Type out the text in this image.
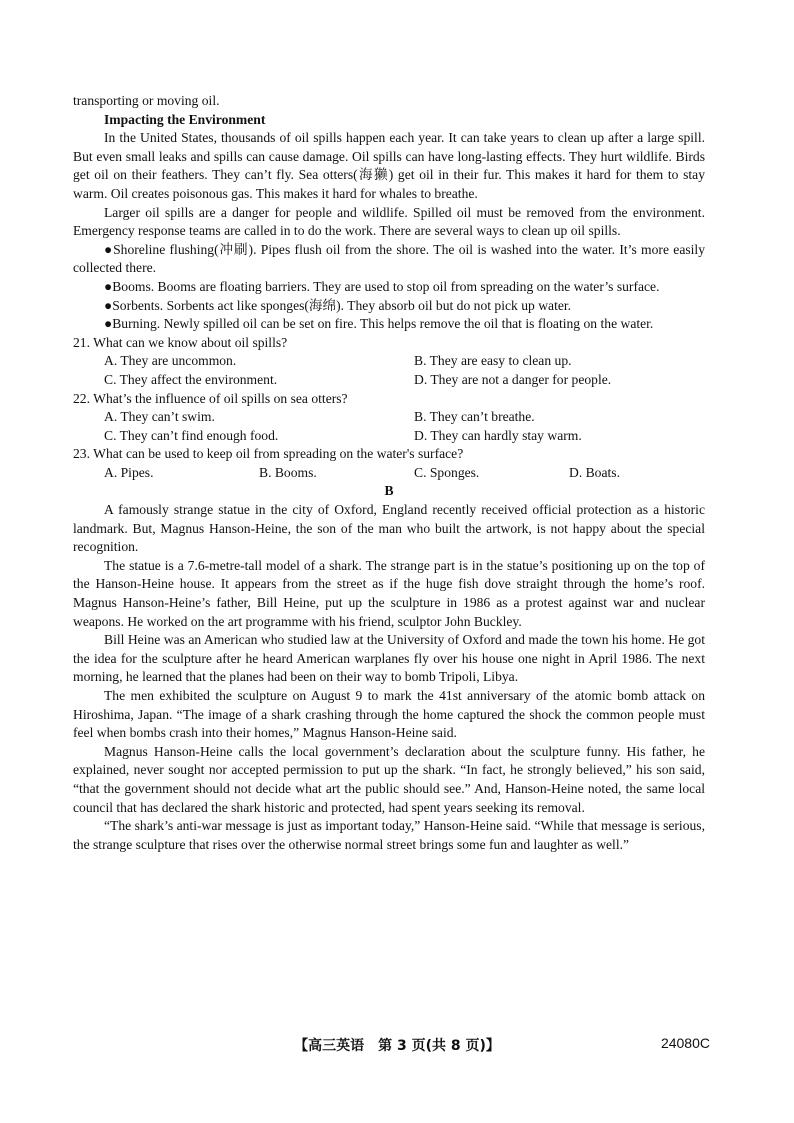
transporting or moving oil.

Impacting the Environment

In the United States, thousands of oil spills happen each year. It can take years to clean up after a large spill. But even small leaks and spills can cause damage. Oil spills can have long-lasting effects. They hurt wildlife. Birds get oil on their feathers. They can’t fly. Sea otters(海獭) get oil in their fur. This makes it hard for them to stay warm. Oil creates poisonous gas. This makes it hard for whales to breathe.

Larger oil spills are a danger for people and wildlife. Spilled oil must be removed from the environment. Emergency response teams are called in to do the work. There are several ways to clean up oil spills.

●Shoreline flushing(冲刷). Pipes flush oil from the shore. The oil is washed into the water. It’s more easily collected there.

●Booms. Booms are floating barriers. They are used to stop oil from spreading on the water’s surface.

●Sorbents. Sorbents act like sponges(海绵). They absorb oil but do not pick up water.

●Burning. Newly spilled oil can be set on fire. This helps remove the oil that is floating on the water.

21. What can we know about oil spills?
A. They are uncommon.	B. They are easy to clean up.
C. They affect the environment.	D. They are not a danger for people.
22. What’s the influence of oil spills on sea otters?
A. They can’t swim.	B. They can’t breathe.
C. They can’t find enough food.	D. They can hardly stay warm.
23. What can be used to keep oil from spreading on the water's surface?
A. Pipes.	B. Booms.	C. Sponges.	D. Boats.
B

A famously strange statue in the city of Oxford, England recently received official protection as a historic landmark. But, Magnus Hanson-Heine, the son of the man who built the artwork, is not happy about the special recognition.

The statue is a 7.6-metre-tall model of a shark. The strange part is in the statue’s positioning up on the top of the Hanson-Heine house. It appears from the street as if the huge fish dove straight through the home’s roof. Magnus Hanson-Heine’s father, Bill Heine, put up the sculpture in 1986 as a protest against war and nuclear weapons. He worked on the art programme with his friend, sculptor John Buckley.

Bill Heine was an American who studied law at the University of Oxford and made the town his home. He got the idea for the sculpture after he heard American warplanes fly over his house one night in April 1986. The next morning, he learned that the planes had been on their way to bomb Tripoli, Libya.

The men exhibited the sculpture on August 9 to mark the 41st anniversary of the atomic bomb attack on Hiroshima, Japan. “The image of a shark crashing through the home captured the shock the common people must feel when bombs crash into their homes,” Magnus Hanson-Heine said.

Magnus Hanson-Heine calls the local government’s declaration about the sculpture funny. His father, he explained, never sought nor accepted permission to put up the shark. “In fact, he strongly believed,” his son said, “that the government should not decide what art the public should see.” And, Hanson-Heine noted, the same local council that has declared the shark historic and protected, had spent years seeking its removal.

“The shark’s anti-war message is just as important today,” Hanson-Heine said. “While that message is serious, the strange sculpture that rises over the otherwise normal street brings some fun and laughter as well.”

【高三英语　第 3 页(共 8 页)】	24080C
